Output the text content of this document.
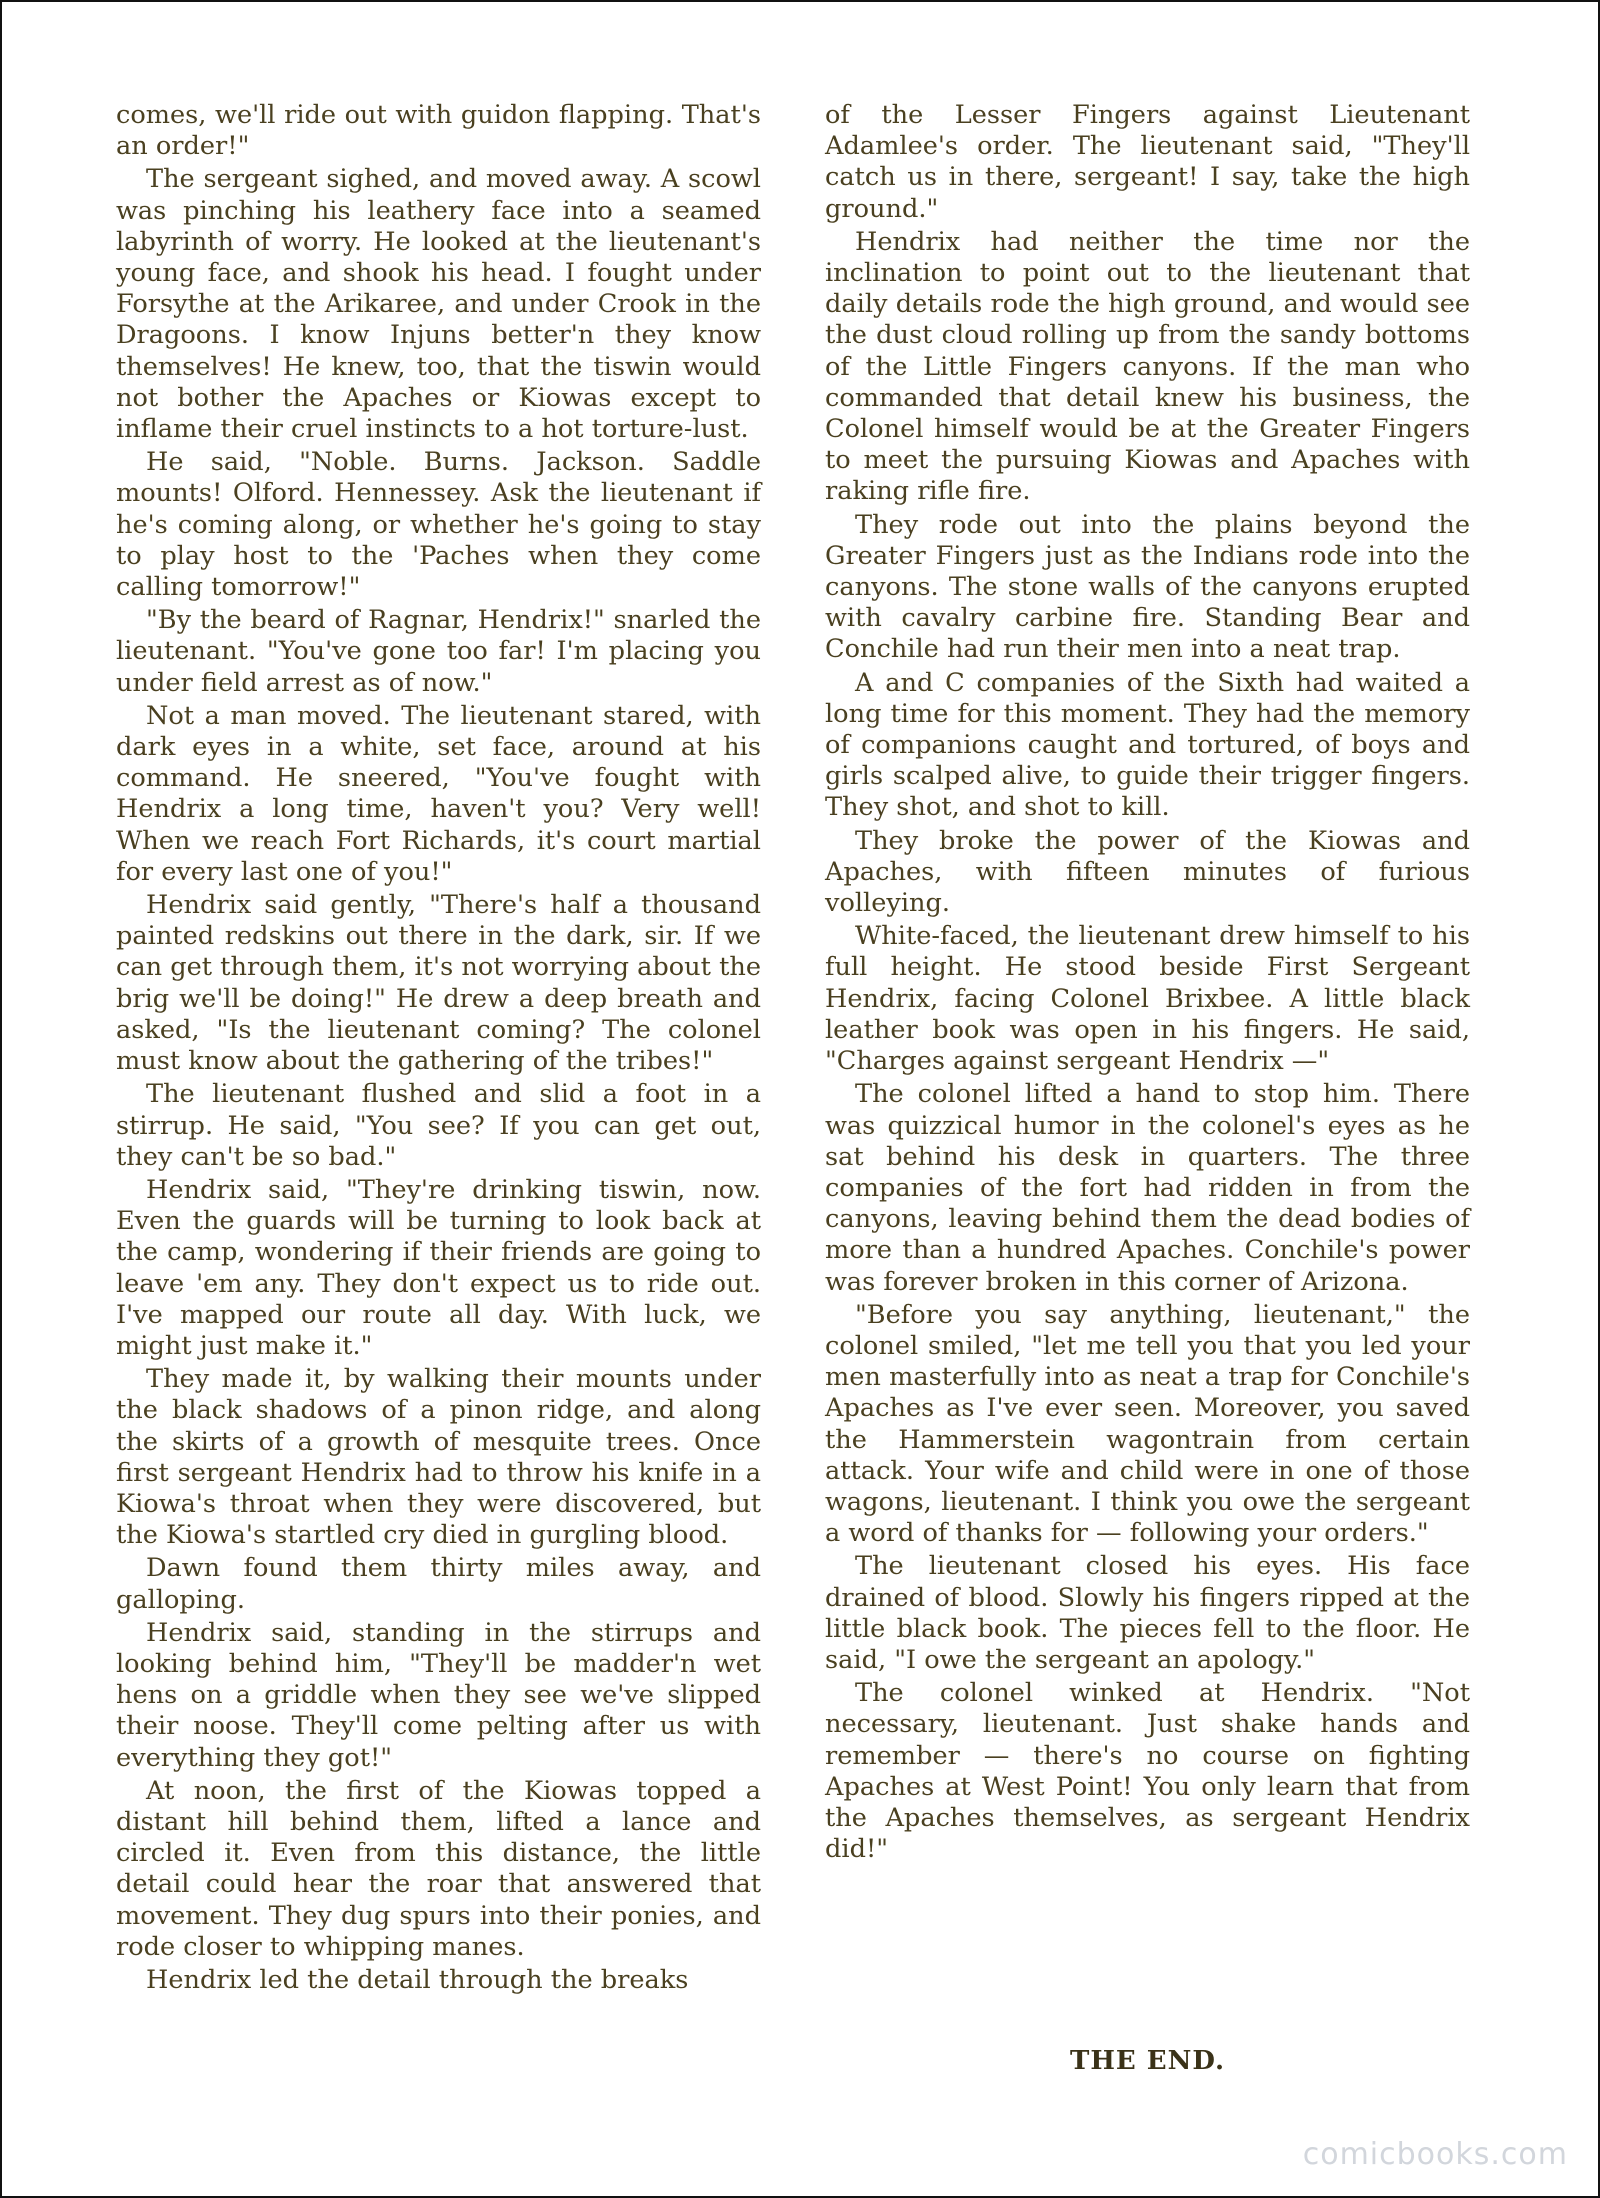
comes, we'll ride out with guidon flapping. That's an order!"

The sergeant sighed, and moved away. A scowl was pinching his leathery face into a seamed labyrinth of worry. He looked at the lieutenant's young face, and shook his head. I fought under Forsythe at the Arikaree, and under Crook in the Dragoons. I know Injuns better'n they know themselves! He knew, too, that the tiswin would not bother the Apaches or Kiowas except to inflame their cruel instincts to a hot torture-lust.

He said, "Noble. Burns. Jackson. Saddle mounts! Olford. Hennessey. Ask the lieutenant if he's coming along, or whether he's going to stay to play host to the 'Paches when they come calling tomorrow!"

"By the beard of Ragnar, Hendrix!" snarled the lieutenant. "You've gone too far! I'm placing you under field arrest as of now."

Not a man moved. The lieutenant stared, with dark eyes in a white, set face, around at his command. He sneered, "You've fought with Hendrix a long time, haven't you? Very well! When we reach Fort Richards, it's court martial for every last one of you!"

Hendrix said gently, "There's half a thousand painted redskins out there in the dark, sir. If we can get through them, it's not worrying about the brig we'll be doing!" He drew a deep breath and asked, "Is the lieutenant coming? The colonel must know about the gathering of the tribes!"

The lieutenant flushed and slid a foot in a stirrup. He said, "You see? If you can get out, they can't be so bad."

Hendrix said, "They're drinking tiswin, now. Even the guards will be turning to look back at the camp, wondering if their friends are going to leave 'em any. They don't expect us to ride out. I've mapped our route all day. With luck, we might just make it."

They made it, by walking their mounts under the black shadows of a pinon ridge, and along the skirts of a growth of mesquite trees. Once first sergeant Hendrix had to throw his knife in a Kiowa's throat when they were discovered, but the Kiowa's startled cry died in gurgling blood.

Dawn found them thirty miles away, and galloping.

Hendrix said, standing in the stirrups and looking behind him, "They'll be madder'n wet hens on a griddle when they see we've slipped their noose. They'll come pelting after us with everything they got!"

At noon, the first of the Kiowas topped a distant hill behind them, lifted a lance and circled it. Even from this distance, the little detail could hear the roar that answered that movement. They dug spurs into their ponies, and rode closer to whipping manes.

Hendrix led the detail through the breaks

of the Lesser Fingers against Lieutenant Adamlee's order. The lieutenant said, "They'll catch us in there, sergeant! I say, take the high ground."

Hendrix had neither the time nor the inclination to point out to the lieutenant that daily details rode the high ground, and would see the dust cloud rolling up from the sandy bottoms of the Little Fingers canyons. If the man who commanded that detail knew his business, the Colonel himself would be at the Greater Fingers to meet the pursuing Kiowas and Apaches with raking rifle fire.

They rode out into the plains beyond the Greater Fingers just as the Indians rode into the canyons. The stone walls of the canyons erupted with cavalry carbine fire. Standing Bear and Conchile had run their men into a neat trap.

A and C companies of the Sixth had waited a long time for this moment. They had the memory of companions caught and tortured, of boys and girls scalped alive, to guide their trigger fingers. They shot, and shot to kill.

They broke the power of the Kiowas and Apaches, with fifteen minutes of furious volleying.

White-faced, the lieutenant drew himself to his full height. He stood beside First Sergeant Hendrix, facing Colonel Brixbee. A little black leather book was open in his fingers. He said, "Charges against sergeant Hendrix —"

The colonel lifted a hand to stop him. There was quizzical humor in the colonel's eyes as he sat behind his desk in quarters. The three companies of the fort had ridden in from the canyons, leaving behind them the dead bodies of more than a hundred Apaches. Conchile's power was forever broken in this corner of Arizona.

"Before you say anything, lieutenant," the colonel smiled, "let me tell you that you led your men masterfully into as neat a trap for Conchile's Apaches as I've ever seen. Moreover, you saved the Hammerstein wagontrain from certain attack. Your wife and child were in one of those wagons, lieutenant. I think you owe the sergeant a word of thanks for — following your orders."

The lieutenant closed his eyes. His face drained of blood. Slowly his fingers ripped at the little black book. The pieces fell to the floor. He said, "I owe the sergeant an apology."

The colonel winked at Hendrix. "Not necessary, lieutenant. Just shake hands and remember — there's no course on fighting Apaches at West Point! You only learn that from the Apaches themselves, as sergeant Hendrix did!"

THE END.
comicbooks.com
